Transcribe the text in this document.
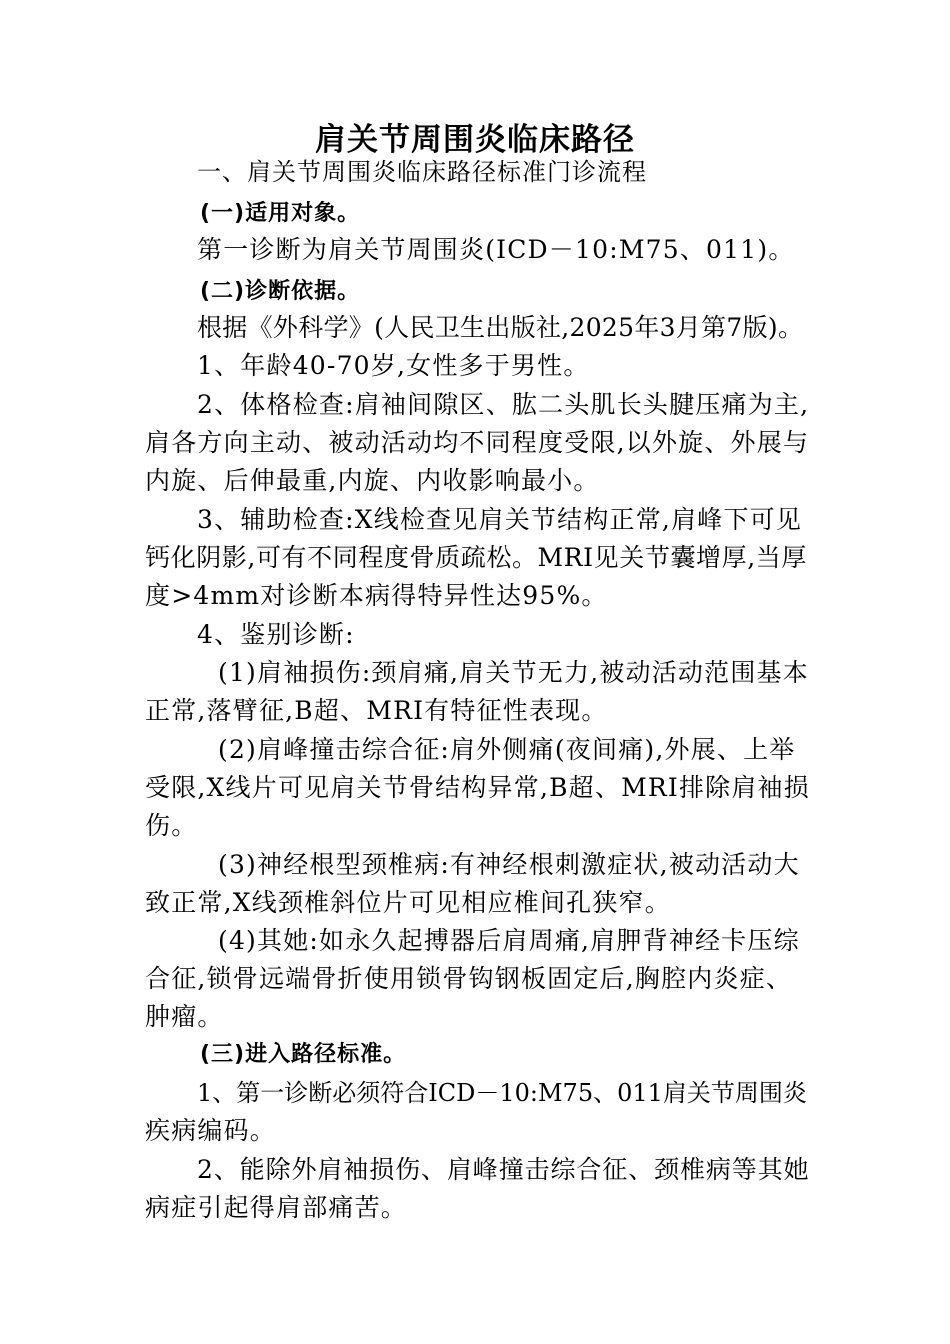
肩关节周围炎临床路径
一、肩关节周围炎临床路径标准门诊流程
(一)适用对象。
第一诊断为肩关节周围炎(ICD－10:M75、011)。
(二)诊断依据。
根据《外科学》(人民卫生出版社,2025年3月第7版)。
1、年龄40-70岁,女性多于男性。
2、体格检查:肩袖间隙区、肱二头肌长头腱压痛为主,
肩各方向主动、被动活动均不同程度受限,以外旋、外展与
内旋、后伸最重,内旋、内收影响最小。
3、辅助检查:X线检查见肩关节结构正常,肩峰下可见
钙化阴影,可有不同程度骨质疏松。MRI见关节囊增厚,当厚
度>4mm对诊断本病得特异性达95%。
4、鉴别诊断:
(1)肩袖损伤:颈肩痛,肩关节无力,被动活动范围基本
正常,落臂征,B超、MRI有特征性表现。
(2)肩峰撞击综合征:肩外侧痛(夜间痛),外展、上举
受限,X线片可见肩关节骨结构异常,B超、MRI排除肩袖损
伤。
(3)神经根型颈椎病:有神经根刺激症状,被动活动大
致正常,X线颈椎斜位片可见相应椎间孔狭窄。
(4)其她:如永久起搏器后肩周痛,肩胛背神经卡压综
合征,锁骨远端骨折使用锁骨钩钢板固定后,胸腔内炎症、
肿瘤。
(三)进入路径标准。
1、第一诊断必须符合ICD－10:M75、011肩关节周围炎
疾病编码。
2、能除外肩袖损伤、肩峰撞击综合征、颈椎病等其她
病症引起得肩部痛苦。
